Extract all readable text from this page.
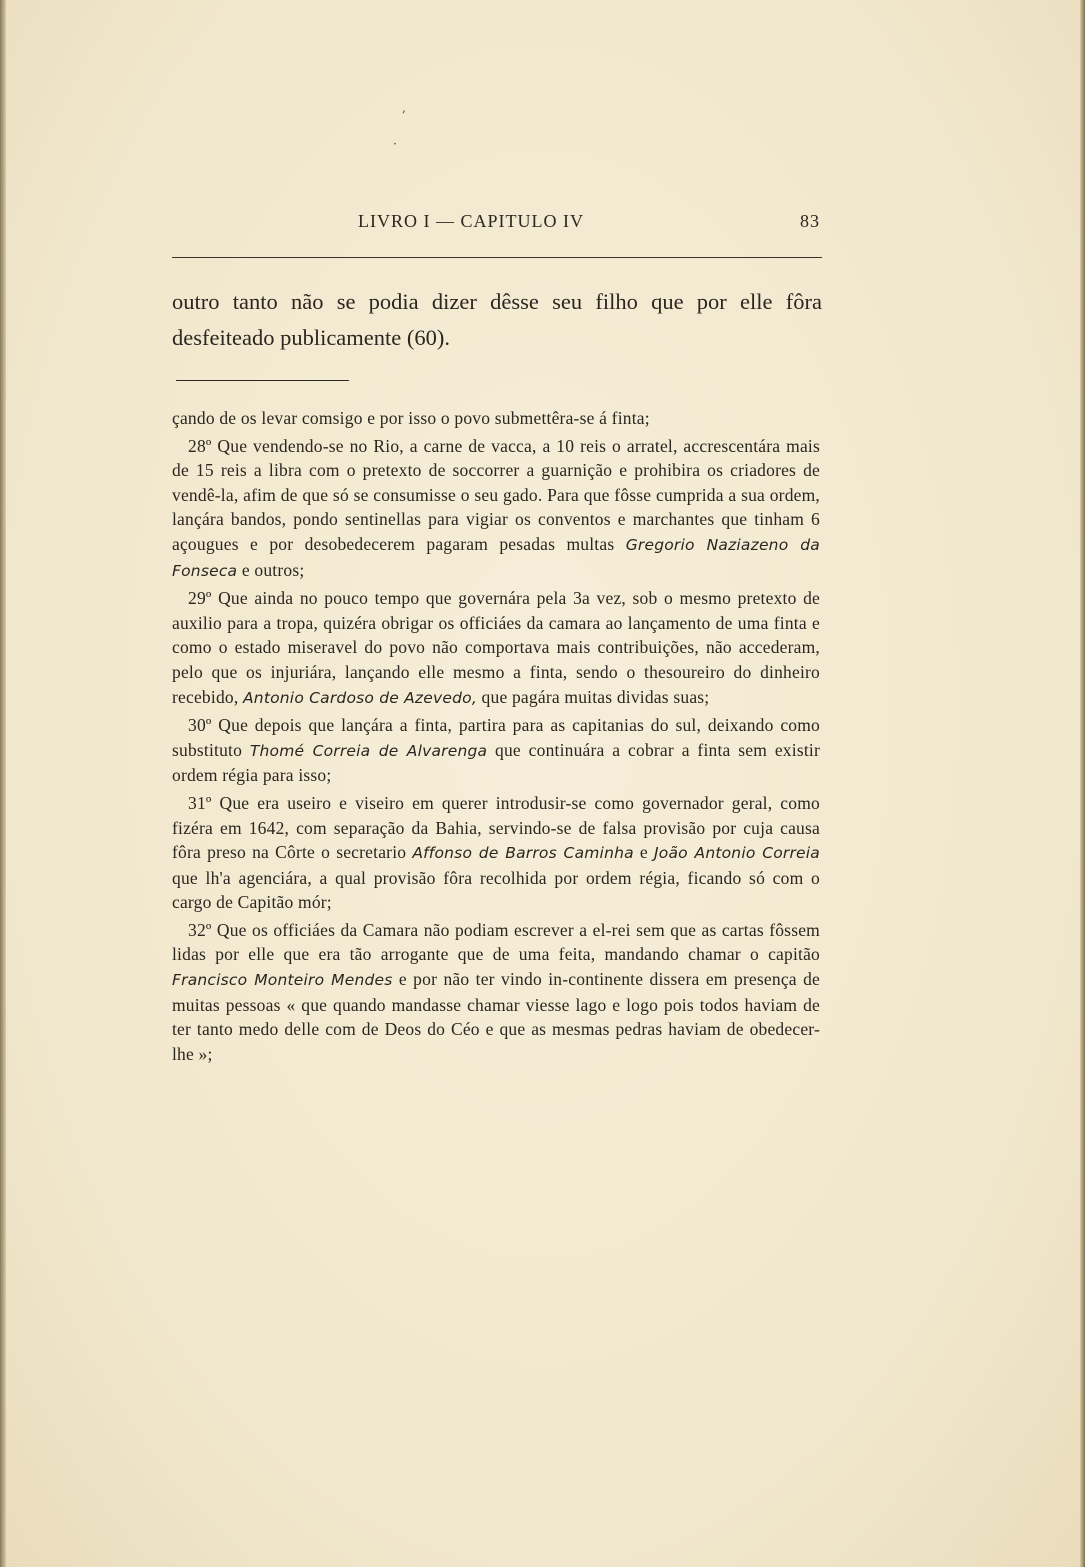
,
·
LIVRO I — CAPITULO IV	83

outro tanto não se podia dizer dêsse seu filho que por elle fôra desfeiteado publicamente (60).

çando de os levar comsigo e por isso o povo submettêra-se á finta;

28º Que vendendo-se no Rio, a carne de vacca, a 10 reis o arratel, accrescentára mais de 15 reis a libra com o pretexto de soccorrer a guarnição e prohibira os criadores de vendê-la, afim de que só se consumisse o seu gado. Para que fôsse cumprida a sua ordem, lançára bandos, pondo sentinellas para vigiar os conventos e marchantes que tinham 6 açougues e por desobedecerem pagaram pesadas multas Gregorio Naziazeno da Fonseca e outros;

29º Que ainda no pouco tempo que governára pela 3a vez, sob o mesmo pretexto de auxilio para a tropa, quizéra obrigar os officiáes da camara ao lançamento de uma finta e como o estado miseravel do povo não comportava mais contribuições, não accederam, pelo que os injuriára, lançando elle mesmo a finta, sendo o thesoureiro do dinheiro recebido, Antonio Cardoso de Azevedo, que pagára muitas dividas suas;

30º Que depois que lançára a finta, partira para as capitanias do sul, deixando como substituto Thomé Correia de Alvarenga que continuára a cobrar a finta sem existir ordem régia para isso;

31º Que era useiro e viseiro em querer introdusir-se como governador geral, como fizéra em 1642, com separação da Bahia, servindo-se de falsa provisão por cuja causa fôra preso na Côrte o secretario Affonso de Barros Caminha e João Antonio Correia que lh'a agenciára, a qual provisão fôra recolhida por ordem régia, ficando só com o cargo de Capitão mór;

32º Que os officiáes da Camara não podiam escrever a el-rei sem que as cartas fôssem lidas por elle que era tão arrogante que de uma feita, mandando chamar o capitão Francisco Monteiro Mendes e por não ter vindo in-continente dissera em presença de muitas pessoas « que quando mandasse chamar viesse lago e logo pois todos haviam de ter tanto medo delle com de Deos do Céo e que as mesmas pedras haviam de obedecer-lhe »;
